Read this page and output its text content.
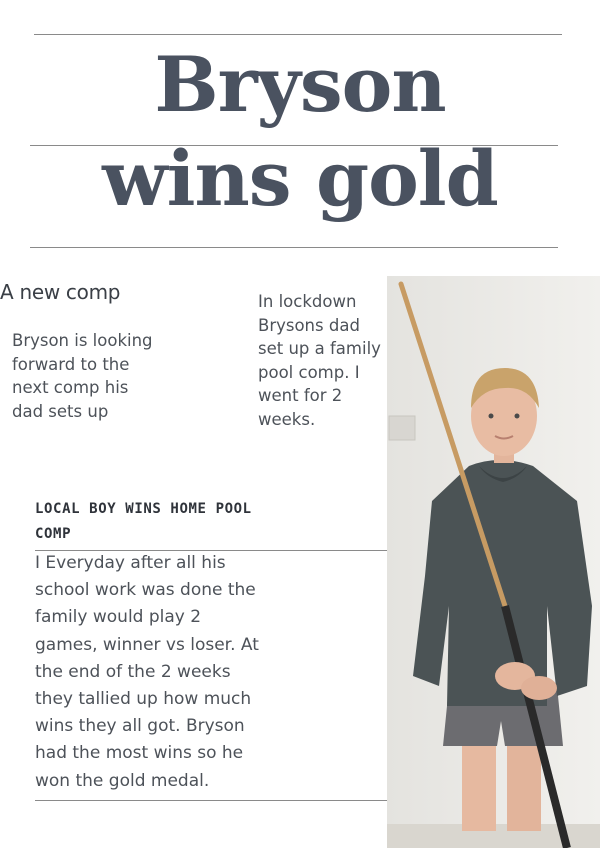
Bryson
wins gold
A new comp
Bryson is looking forward to the next comp his dad sets up
In lockdown Brysons dad set up a family pool comp. I went for 2 weeks.
LOCAL BOY WINS HOME POOL COMP
I Everyday after all his school work was done the family would play 2 games, winner vs loser. At the end of the 2 weeks they tallied up how much wins they all got. Bryson had the most wins so he won the gold medal.
